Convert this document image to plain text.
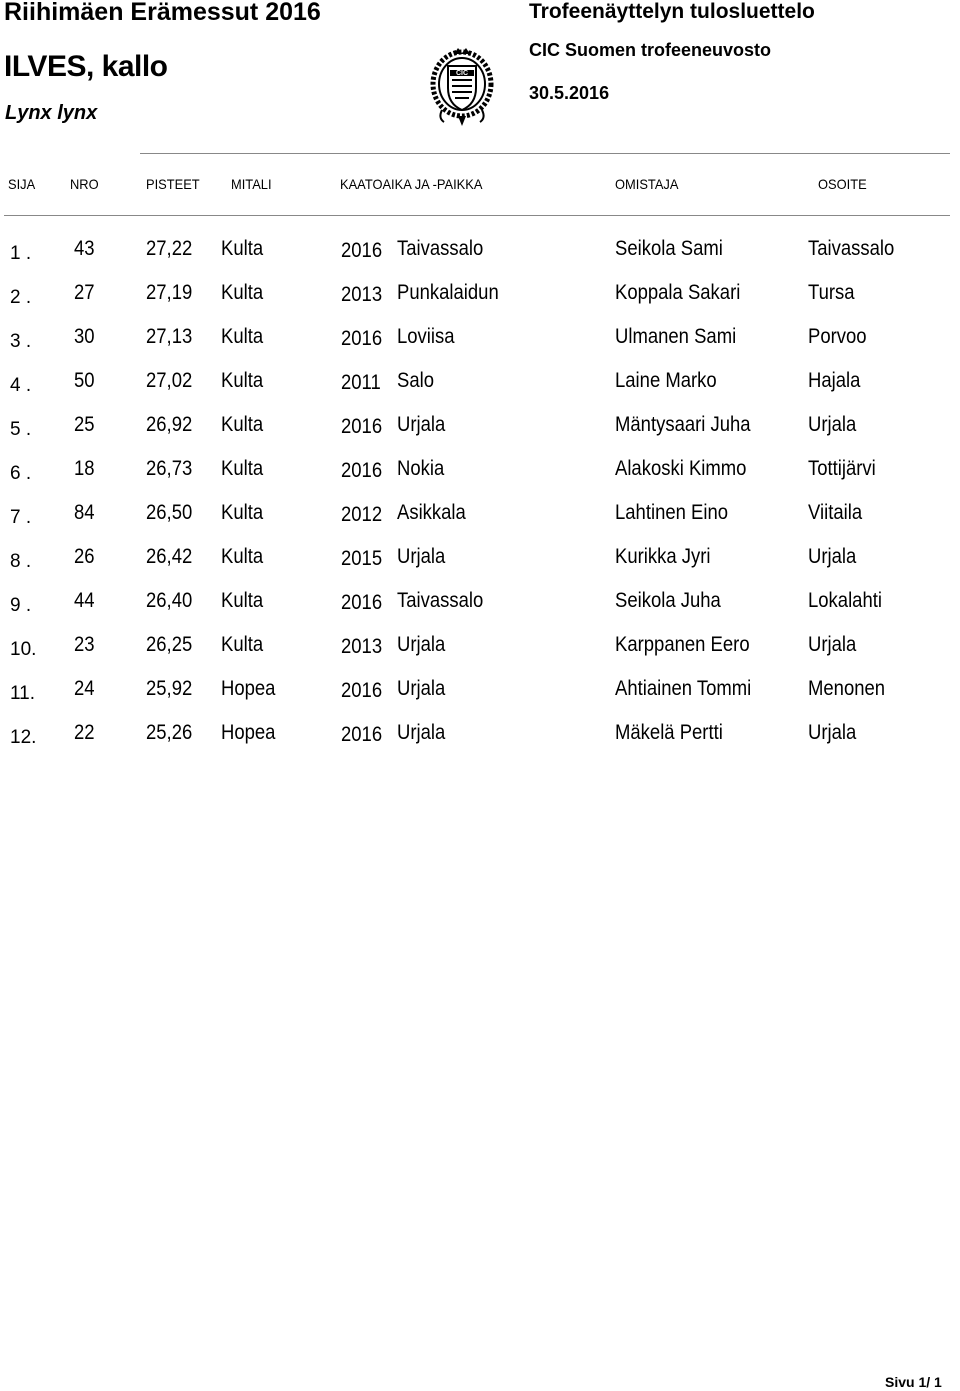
Riihimäen Erämessut 2016
ILVES, kallo
Lynx lynx
Trofeenäyttelyn tulosluettelo
CIC Suomen trofeeneuvosto
30.5.2016
CIC
SIJA NRO	PISTEET MITALI	KAATOAIKA JA -PAIKKA	OMISTAJA	OSOITE
1 . 43 27,22 Kulta	2016 Taivassalo	Seikola Sami	Taivassalo
2 . 27 27,19 Kulta	2013 Punkalaidun	Koppala Sakari	Tursa
3 . 30 27,13 Kulta	2016 Loviisa	Ulmanen Sami	Porvoo
4 . 50 27,02 Kulta	2011 Salo	Laine Marko	Hajala
5 . 25 26,92 Kulta	2016 Urjala	Mäntysaari Juha	Urjala
6 . 18 26,73 Kulta	2016 Nokia	Alakoski Kimmo	Tottijärvi
7 . 84 26,50 Kulta	2012 Asikkala	Lahtinen Eino	Viitaila
8 . 26 26,42 Kulta	2015 Urjala	Kurikka Jyri	Urjala
9 . 44 26,40 Kulta	2016 Taivassalo	Seikola Juha	Lokalahti
10. 23 26,25 Kulta	2013 Urjala	Karppanen Eero	Urjala
11. 24 25,92 Hopea	2016 Urjala	Ahtiainen Tommi	Menonen
12. 22 25,26 Hopea	2016 Urjala	Mäkelä Pertti	Urjala
Sivu 1/ 1
